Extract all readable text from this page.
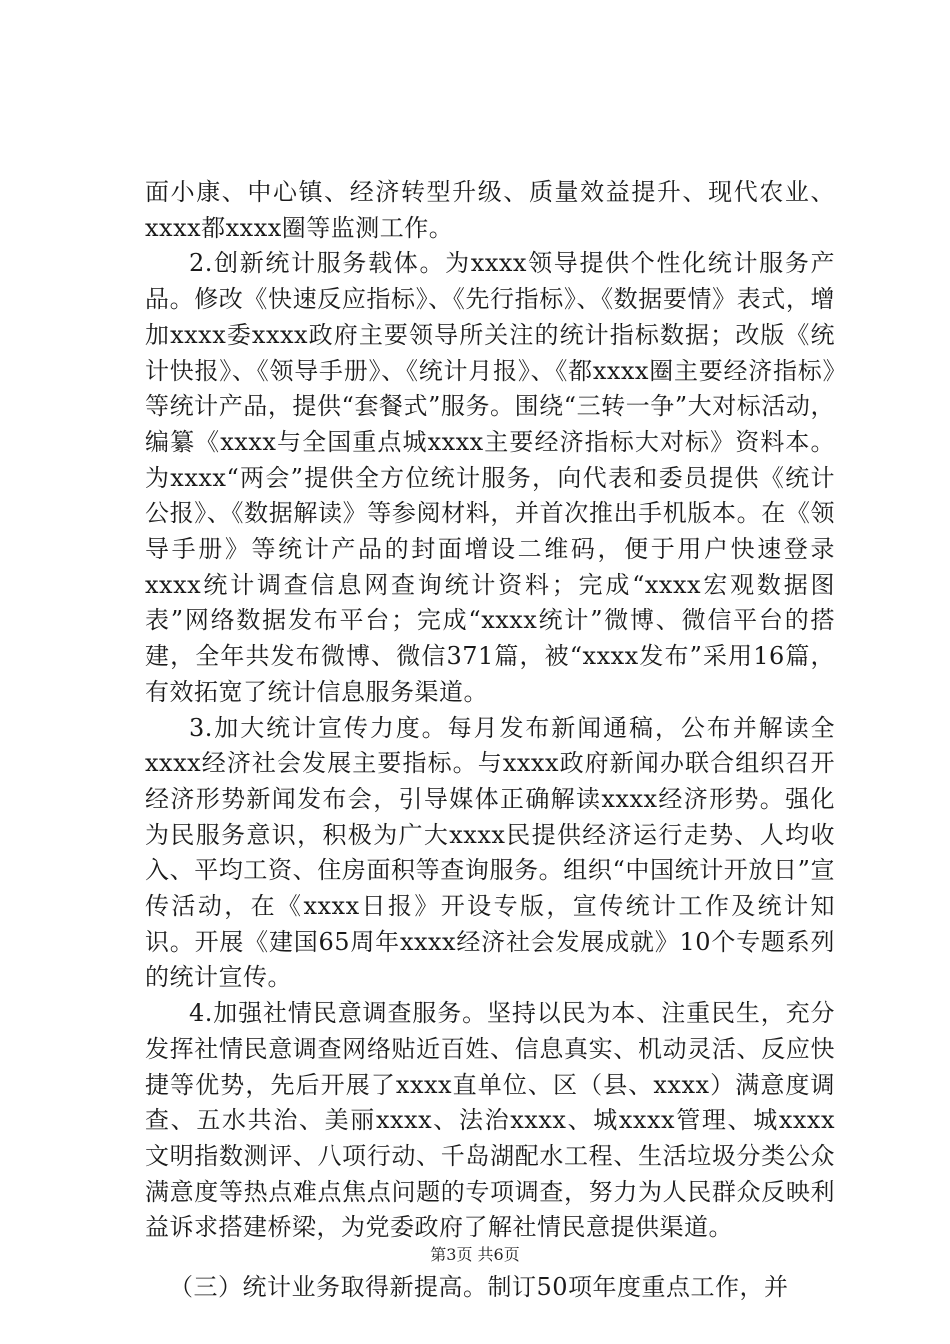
面小康、中心镇、经济转型升级、质量效益提升、现代农业、xxxx都xxxx圈等监测工作。

2.创新统计服务载体。为xxxx领导提供个性化统计服务产品。修改《快速反应指标》、《先行指标》、《数据要情》表式，增加xxxx委xxxx政府主要领导所关注的统计指标数据；改版《统计快报》、《领导手册》、《统计月报》、《都xxxx圈主要经济指标》等统计产品，提供“套餐式”服务。围绕“三转一争”大对标活动，编纂《xxxx与全国重点城xxxx主要经济指标大对标》资料本。为xxxx“两会”提供全方位统计服务，向代表和委员提供《统计公报》、《数据解读》等参阅材料，并首次推出手机版本。在《领导手册》等统计产品的封面增设二维码，便于用户快速登录xxxx统计调查信息网查询统计资料；完成“xxxx宏观数据图表”网络数据发布平台；完成“xxxx统计”微博、微信平台的搭建，全年共发布微博、微信371篇，被“xxxx发布”采用16篇，有效拓宽了统计信息服务渠道。

3.加大统计宣传力度。每月发布新闻通稿，公布并解读全xxxx经济社会发展主要指标。与xxxx政府新闻办联合组织召开经济形势新闻发布会，引导媒体正确解读xxxx经济形势。强化为民服务意识，积极为广大xxxx民提供经济运行走势、人均收入、平均工资、住房面积等查询服务。组织“中国统计开放日”宣传活动，在《xxxx日报》开设专版，宣传统计工作及统计知识。开展《建国65周年xxxx经济社会发展成就》10个专题系列的统计宣传。

4.加强社情民意调查服务。坚持以民为本、注重民生，充分发挥社情民意调查网络贴近百姓、信息真实、机动灵活、反应快捷等优势，先后开展了xxxx直单位、区（县、xxxx）满意度调查、五水共治、美丽xxxx、法治xxxx、城xxxx管理、城xxxx文明指数测评、八项行动、千岛湖配水工程、生活垃圾分类公众满意度等热点难点焦点问题的专项调查，努力为人民群众反映利益诉求搭建桥梁，为党委政府了解社情民意提供渠道。

（三）统计业务取得新提高。制订50项年度重点工作，并

第3页 共6页
